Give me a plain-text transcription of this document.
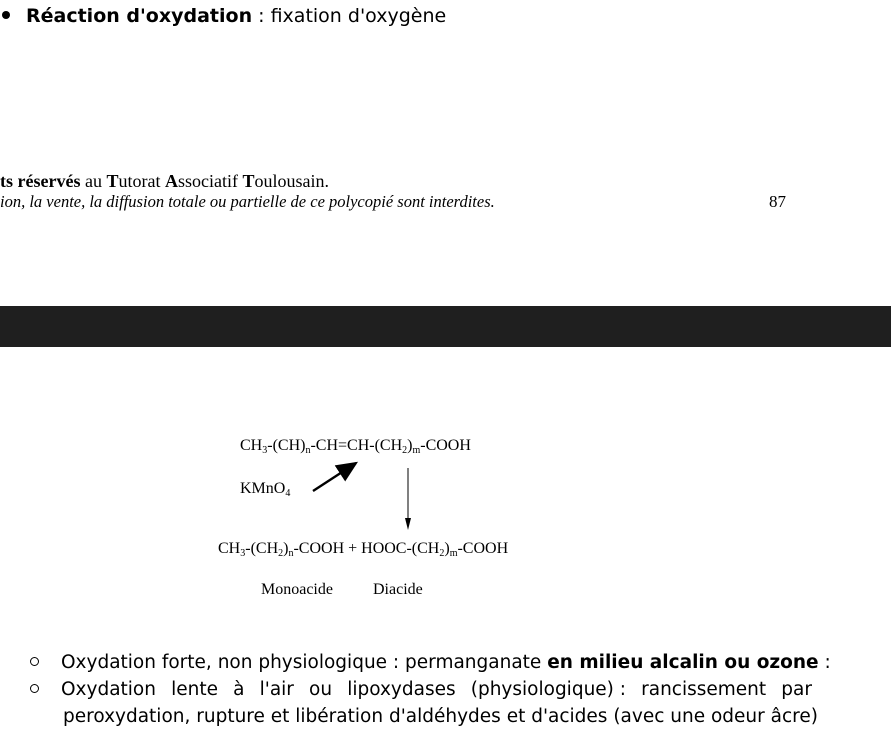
Réaction d'oxydation : fixation d'oxygène
ts réservés au Tutorat Associatif Toulousain.
ion, la vente, la diffusion totale ou partielle de ce polycopié sont interdites.	87
$CH_3-(CH)_n-CH=CH-(CH_2)_m$-COOH
KMnO$_4$
$CH_3-(CH_2)_n$-COOH + HOOC-$(CH_2)_m$-COOH
Monoacide	Diacide
Oxydation forte, non physiologique : permanganate en milieu alcalin ou ozone :
Oxydation lente à l'air ou lipoxydases (physiologique) : rancissement par
peroxydation, rupture et libération d'aldéhydes et d'acides (avec une odeur âcre)
